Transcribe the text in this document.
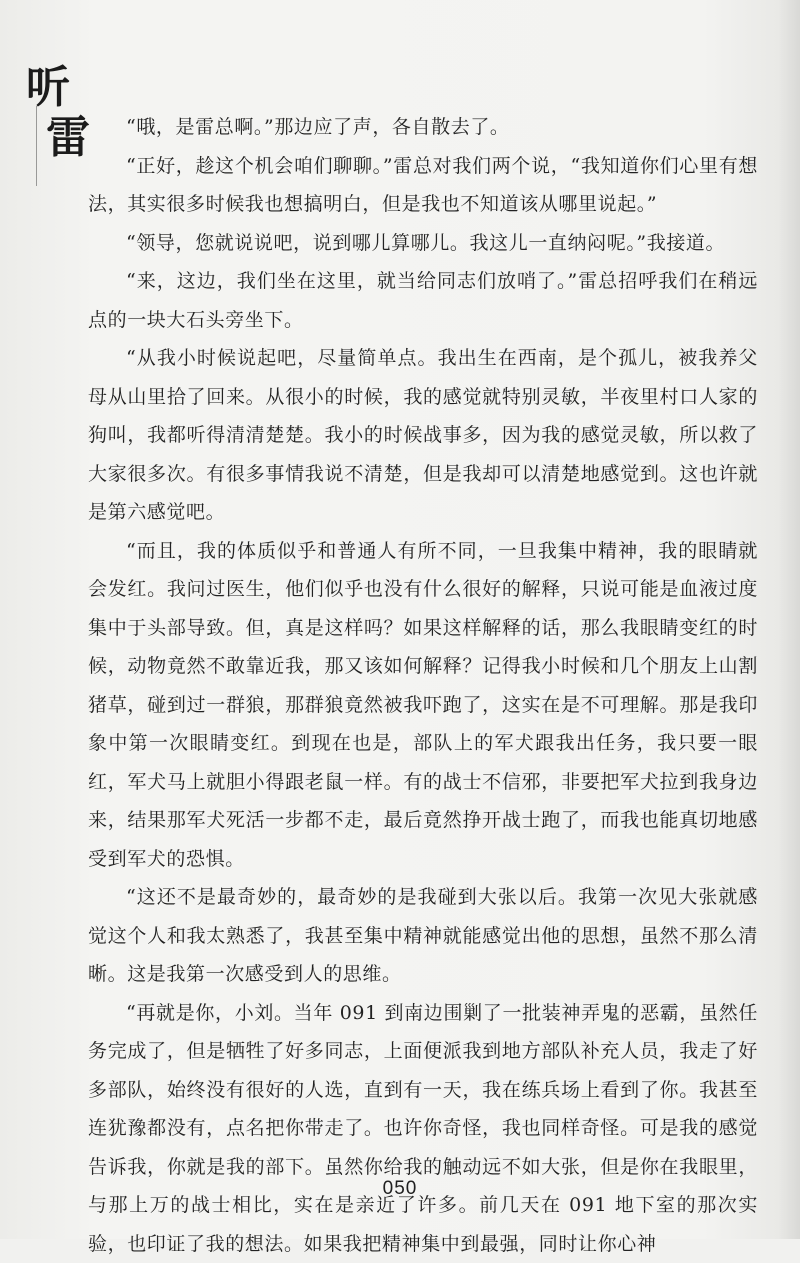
听
雷	“哦，是雷总啊。”那边应了声，各自散去了。

“正好，趁这个机会咱们聊聊。”雷总对我们两个说，“我知道你们心里有想法，其实很多时候我也想搞明白，但是我也不知道该从哪里说起。”

“领导，您就说说吧，说到哪儿算哪儿。我这儿一直纳闷呢。”我接道。

“来，这边，我们坐在这里，就当给同志们放哨了。”雷总招呼我们在稍远点的一块大石头旁坐下。

“从我小时候说起吧，尽量简单点。我出生在西南，是个孤儿，被我养父母从山里拾了回来。从很小的时候，我的感觉就特别灵敏，半夜里村口人家的狗叫，我都听得清清楚楚。我小的时候战事多，因为我的感觉灵敏，所以救了大家很多次。有很多事情我说不清楚，但是我却可以清楚地感觉到。这也许就是第六感觉吧。

“而且，我的体质似乎和普通人有所不同，一旦我集中精神，我的眼睛就会发红。我问过医生，他们似乎也没有什么很好的解释，只说可能是血液过度集中于头部导致。但，真是这样吗？如果这样解释的话，那么我眼睛变红的时候，动物竟然不敢靠近我，那又该如何解释？记得我小时候和几个朋友上山割猪草，碰到过一群狼，那群狼竟然被我吓跑了，这实在是不可理解。那是我印象中第一次眼睛变红。到现在也是，部队上的军犬跟我出任务，我只要一眼红，军犬马上就胆小得跟老鼠一样。有的战士不信邪，非要把军犬拉到我身边来，结果那军犬死活一步都不走，最后竟然挣开战士跑了，而我也能真切地感受到军犬的恐惧。

“这还不是最奇妙的，最奇妙的是我碰到大张以后。我第一次见大张就感觉这个人和我太熟悉了，我甚至集中精神就能感觉出他的思想，虽然不那么清晰。这是我第一次感受到人的思维。

“再就是你，小刘。当年 091 到南边围剿了一批装神弄鬼的恶霸，虽然任务完成了，但是牺牲了好多同志，上面便派我到地方部队补充人员，我走了好多部队，始终没有很好的人选，直到有一天，我在练兵场上看到了你。我甚至连犹豫都没有，点名把你带走了。也许你奇怪，我也同样奇怪。可是我的感觉告诉我，你就是我的部下。虽然你给我的触动远不如大张，但是你在我眼里，与那上万的战士相比，实在是亲近了许多。前几天在 091 地下室的那次实验，也印证了我的想法。如果我把精神集中到最强，同时让你心神

050
